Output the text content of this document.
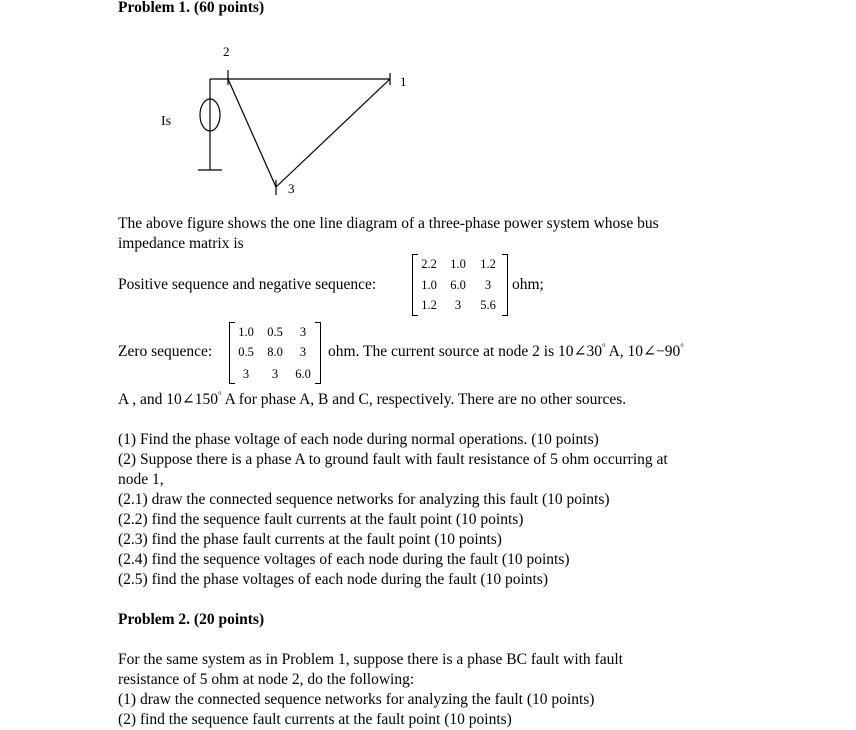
Problem 1. (60 points)
2
1
3
Is
The above figure shows the one line diagram of a three-phase power system whose bus
impedance matrix is
Positive sequence and negative sequence:
2.2	1.0	1.2
1.0	6.0	3
1.2	3	5.6
ohm;
Zero sequence:
1.0	0.5	3
0.5	8.0	3
3	3	6.0
ohm. The current source at node 2 is 10∠30° A, 10∠−90°
A , and 10∠150° A for phase A, B and C, respectively. There are no other sources.
(1) Find the phase voltage of each node during normal operations. (10 points)
(2) Suppose there is a phase A to ground fault with fault resistance of 5 ohm occurring at
node 1,
(2.1) draw the connected sequence networks for analyzing this fault (10 points)
(2.2) find the sequence fault currents at the fault point (10 points)
(2.3) find the phase fault currents at the fault point (10 points)
(2.4) find the sequence voltages of each node during the fault (10 points)
(2.5) find the phase voltages of each node during the fault (10 points)
Problem 2. (20 points)
For the same system as in Problem 1, suppose there is a phase BC fault with fault
resistance of 5 ohm at node 2, do the following:
(1) draw the connected sequence networks for analyzing the fault (10 points)
(2) find the sequence fault currents at the fault point (10 points)
